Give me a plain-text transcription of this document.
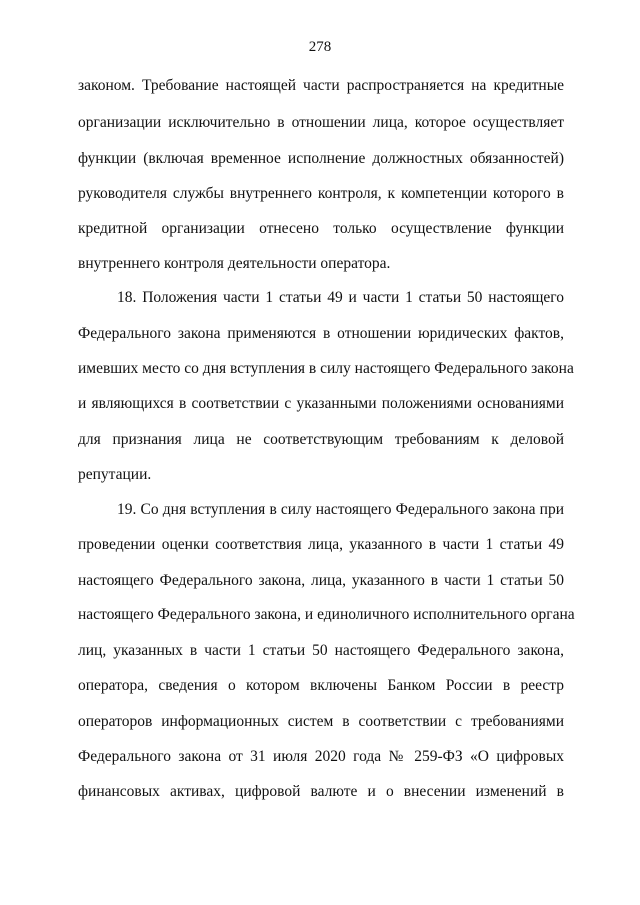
278
законом. Требование настоящей части распространяется на кредитные
организации исключительно в отношении лица, которое осуществляет
функции (включая временное исполнение должностных обязанностей)
руководителя службы внутреннего контроля, к компетенции которого в
кредитной организации отнесено только осуществление функции
внутреннего контроля деятельности оператора.
18. Положения части 1 статьи 49 и части 1 статьи 50 настоящего
Федерального закона применяются в отношении юридических фактов,
имевших место со дня вступления в силу настоящего Федерального закона
и являющихся в соответствии с указанными положениями основаниями
для признания лица не соответствующим требованиям к деловой
репутации.
19. Со дня вступления в силу настоящего Федерального закона при
проведении оценки соответствия лица, указанного в части 1 статьи 49
настоящего Федерального закона, лица, указанного в части 1 статьи 50
настоящего Федерального закона, и единоличного исполнительного органа
лиц, указанных в части 1 статьи 50 настоящего Федерального закона,
оператора, сведения о котором включены Банком России в реестр
операторов информационных систем в соответствии с требованиями
Федерального закона от 31 июля 2020 года № 259-ФЗ «О цифровых
финансовых активах, цифровой валюте и о внесении изменений в
